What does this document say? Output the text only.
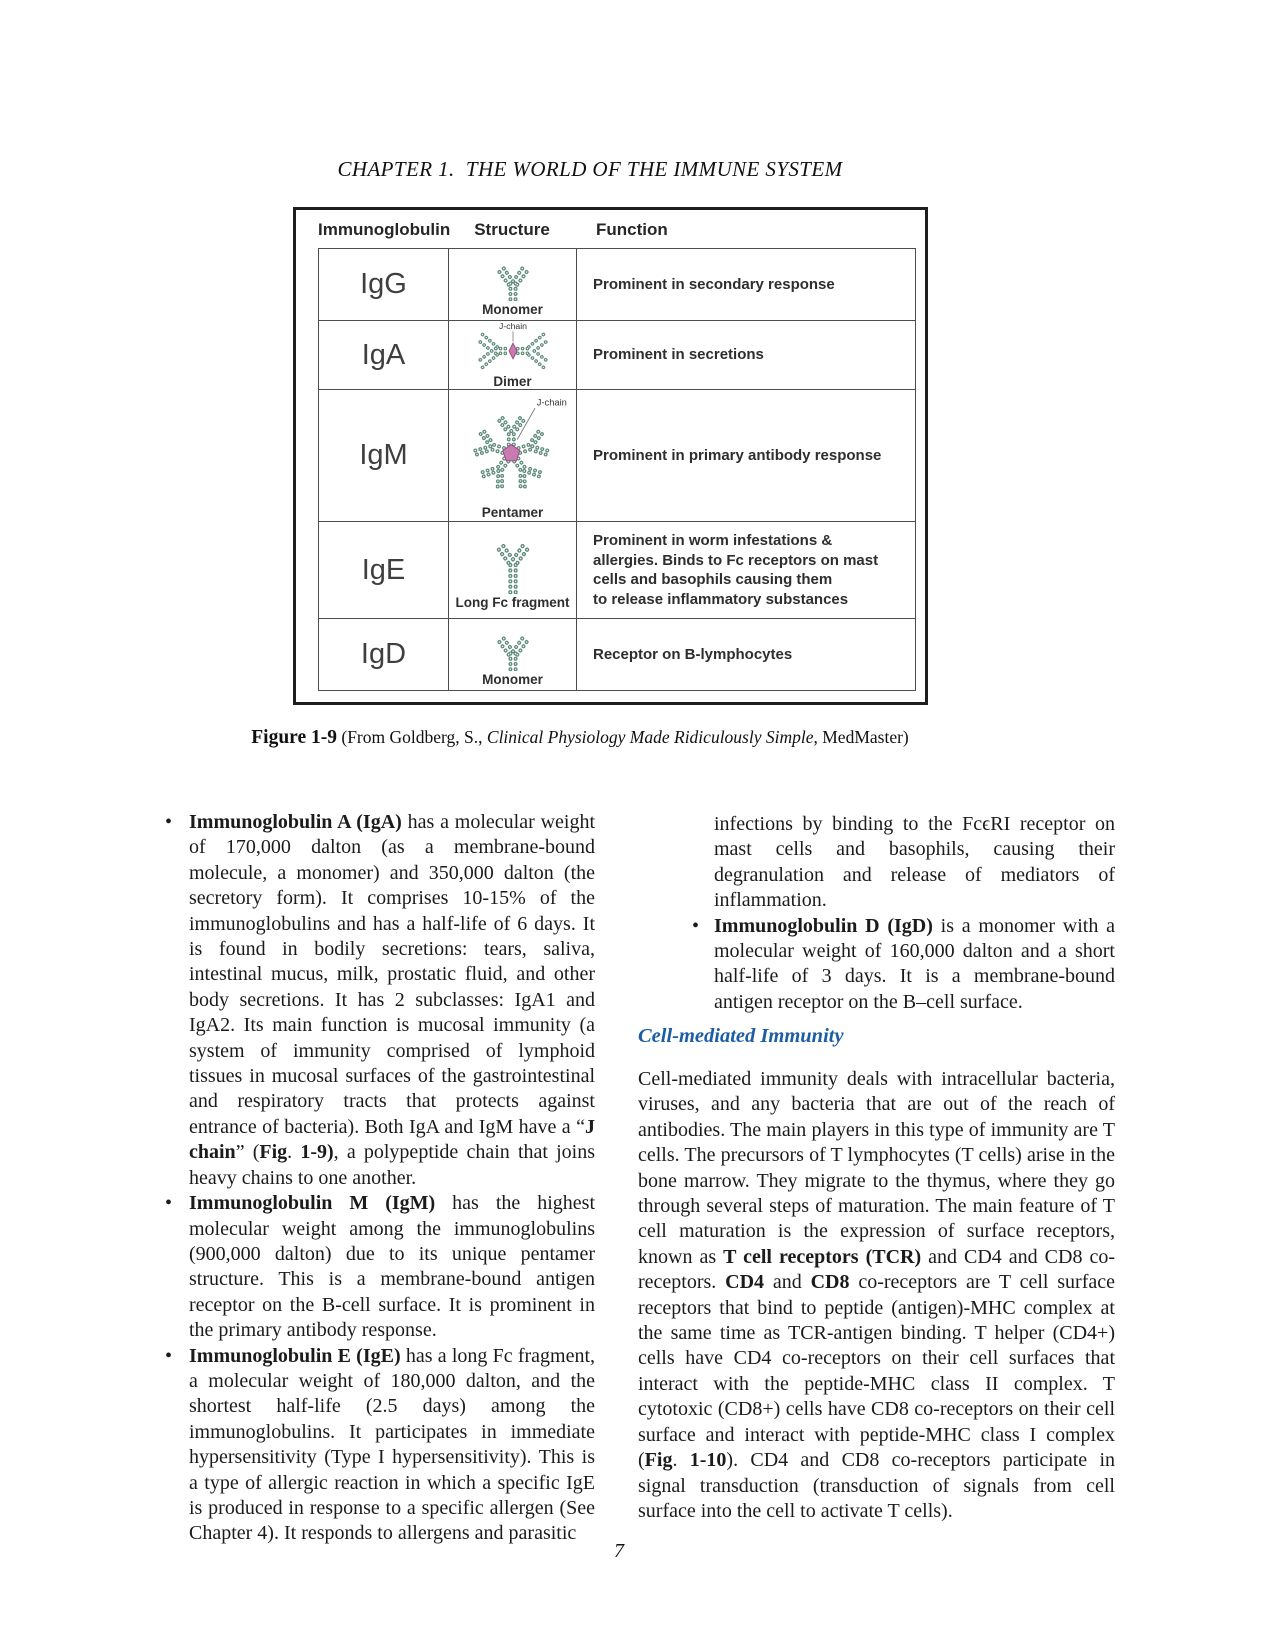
CHAPTER 1.  THE WORLD OF THE IMMUNE SYSTEM
Immunoglobulin	Structure	Function
IgG
Monomer
Prominent in secondary response
IgA
J-chain
Dimer
Prominent in secretions
IgM
J-chain
Pentamer
Prominent in primary antibody response
IgE
Long Fc fragment
Prominent in worm infestations &
allergies. Binds to Fc receptors on mast
cells and basophils causing them
to release inflammatory substances
IgD
Monomer
Receptor on B-lymphocytes
Figure 1-9 (From Goldberg, S., Clinical Physiology Made Ridiculously Simple, MedMaster)
• Immunoglobulin A (IgA) has a molecular weight of 170,000 dalton (as a membrane-bound molecule, a monomer) and 350,000 dalton (the secretory form). It comprises 10-15% of the immunoglobulins and has a half-life of 6 days. It is found in bodily secretions: tears, saliva, intestinal mucus, milk, prostatic fluid, and other body secretions. It has 2 subclasses: IgA1 and IgA2. Its main function is mucosal immunity (a system of immunity comprised of lymphoid tissues in mucosal surfaces of the gastrointestinal and respiratory tracts that protects against entrance of bacteria). Both IgA and IgM have a “J chain” (Fig. 1-9), a polypeptide chain that joins heavy chains to one another.
• Immunoglobulin M (IgM) has the highest molecular weight among the immunoglobulins (900,000 dalton) due to its unique pentamer structure. This is a membrane-bound antigen receptor on the B-cell surface. It is prominent in the primary antibody response.
• Immunoglobulin E (IgE) has a long Fc fragment, a molecular weight of 180,000 dalton, and the shortest half-life (2.5 days) among the immunoglobulins. It participates in immediate hypersensitivity (Type I hypersensitivity). This is a type of allergic reaction in which a specific IgE is produced in response to a specific allergen (See Chapter 4). It responds to allergens and parasitic
infections by binding to the FcϵRI receptor on mast cells and basophils, causing their degranulation and release of mediators of inflammation.
• Immunoglobulin D (IgD) is a monomer with a molecular weight of 160,000 dalton and a short half-life of 3 days. It is a membrane-bound antigen receptor on the B–cell surface.
Cell-mediated Immunity
Cell-mediated immunity deals with intracellular bacteria, viruses, and any bacteria that are out of the reach of antibodies. The main players in this type of immunity are T cells. The precursors of T lymphocytes (T cells) arise in the bone marrow. They migrate to the thymus, where they go through several steps of maturation. The main feature of T cell maturation is the expression of surface receptors, known as T cell receptors (TCR) and CD4 and CD8 co-receptors. CD4 and CD8 co-receptors are T cell surface receptors that bind to peptide (antigen)-MHC complex at the same time as TCR-antigen binding. T helper (CD4+) cells have CD4 co-receptors on their cell surfaces that interact with the peptide-MHC class II complex. T cytotoxic (CD8+) cells have CD8 co-receptors on their cell surface and interact with peptide-MHC class I complex (Fig. 1-10). CD4 and CD8 co-receptors participate in signal transduction (transduction of signals from cell surface into the cell to activate T cells).
7
